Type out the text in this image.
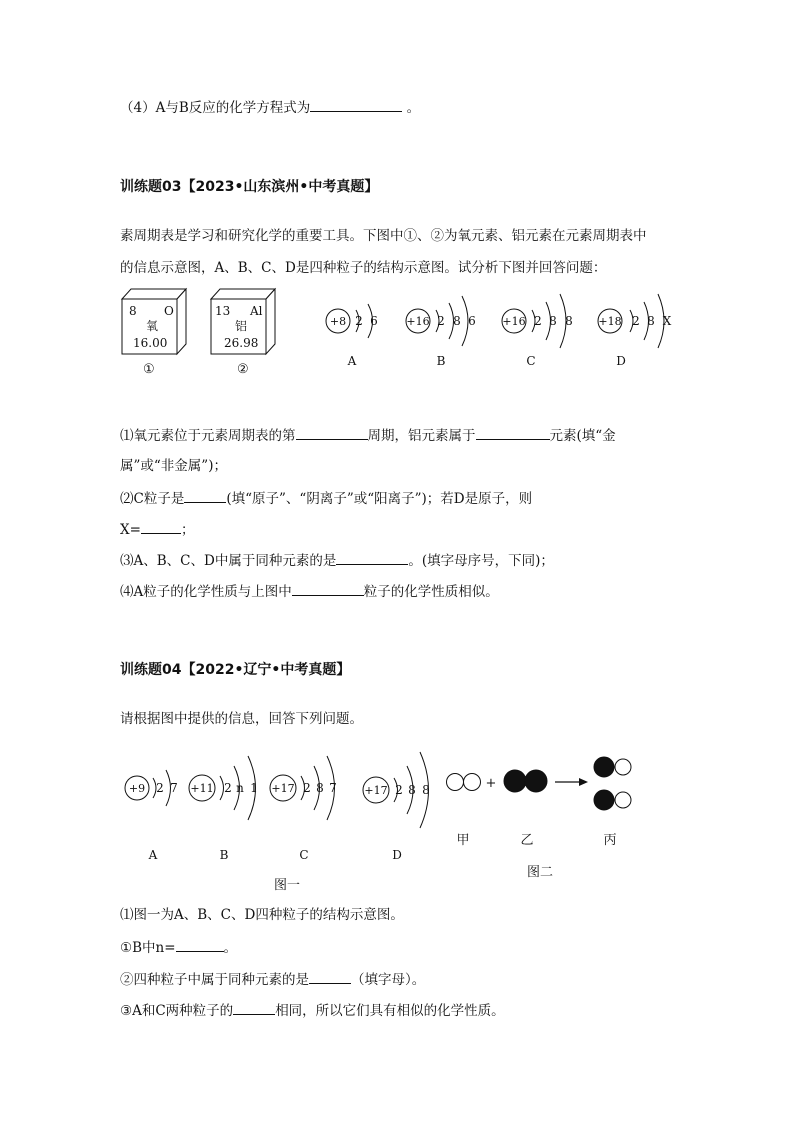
（4）A与B反应的化学方程式为	。
训练题03【2023•山东滨州•中考真题】
素周期表是学习和研究化学的重要工具。下图中①、②为氧元素、铝元素在元素周期表中
的信息示意图，A、B、C、D是四种粒子的结构示意图。试分析下图并回答问题：
8 O
氧
16.00
①
13 Al
铝
26.98
②
+8 2 6
A
+16 2 8 6
B
+16 2 8 8
C
+18 2 8 X
D
⑴氧元素位于元素周期表的第	周期，铝元素属于	元素(填“金
属”或“非金属”)；
⑵C粒子是	(填“原子”、“阴离子”或“阳离子”)；若D是原子，则
X=	；
⑶A、B、C、D中属于同种元素的是	。(填字母序号，下同)；
⑷A粒子的化学性质与上图中	粒子的化学性质相似。
训练题04【2022•辽宁•中考真题】
请根据图中提供的信息，回答下列问题。
+9 2 7
A
+11 2 n 1
B
+17 2 8 7
C
+17 2 8 8
D
图一
+
甲	乙	丙
图二
⑴图一为A、B、C、D四种粒子的结构示意图。
①B中n=	。
②四种粒子中属于同种元素的是	（填字母）。
③A和C两种粒子的	相同，所以它们具有相似的化学性质。
